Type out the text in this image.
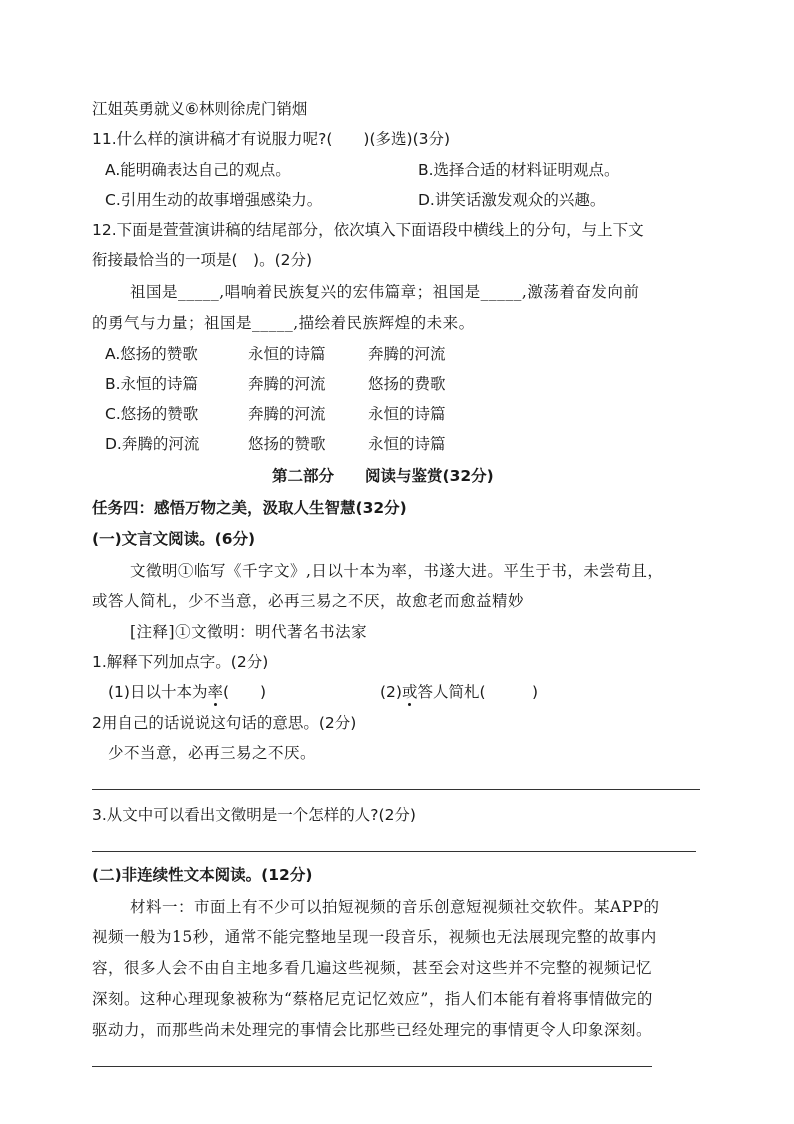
江姐英勇就义⑥林则徐虎门销烟
11.什么样的演讲稿才有说服力呢?(　　)(多选)(3分)
A.能明确表达自己的观点。	B.选择合适的材料证明观点。
C.引用生动的故事增强感染力。	D.讲笑话激发观众的兴趣。
12.下面是萱萱演讲稿的结尾部分，依次填入下面语段中横线上的分句，与上下文
衔接最恰当的一项是(　)。(2分)
祖国是_____,唱响着民族复兴的宏伟篇章；祖国是_____,激荡着奋发向前
的勇气与力量；祖国是_____,描绘着民族辉煌的未来。
A.悠扬的赞歌	永恒的诗篇	奔腾的河流
B.永恒的诗篇	奔腾的河流	悠扬的费歌
C.悠扬的赞歌	奔腾的河流	永恒的诗篇
D.奔腾的河流	悠扬的赞歌	永恒的诗篇
第二部分　　阅读与鉴赏(32分)
任务四：感悟万物之美，汲取人生智慧(32分)
(一)文言文阅读。(6分)
文徵明①临写《千字文》,日以十本为率，书遂大进。平生于书，未尝苟且，
或答人简札，少不当意，必再三易之不厌，故愈老而愈益精妙
[注释]①文徵明：明代著名书法家
1.解释下列加点字。(2分)
(1)日以十本为率(　　)	(2)或答人简札(　　　)
2用自己的话说说这句话的意思。(2分)
少不当意，必再三易之不厌。
3.从文中可以看出文徵明是一个怎样的人?(2分)
(二)非连续性文本阅读。(12分)
材料一：市面上有不少可以拍短视频的音乐创意短视频社交软件。某APP的
视频一般为15秒，通常不能完整地呈现一段音乐，视频也无法展现完整的故事内
容，很多人会不由自主地多看几遍这些视频，甚至会对这些并不完整的视频记忆
深刻。这种心理现象被称为“蔡格尼克记忆效应”，指人们本能有着将事情做完的
驱动力，而那些尚未处理完的事情会比那些已经处理完的事情更令人印象深刻。
